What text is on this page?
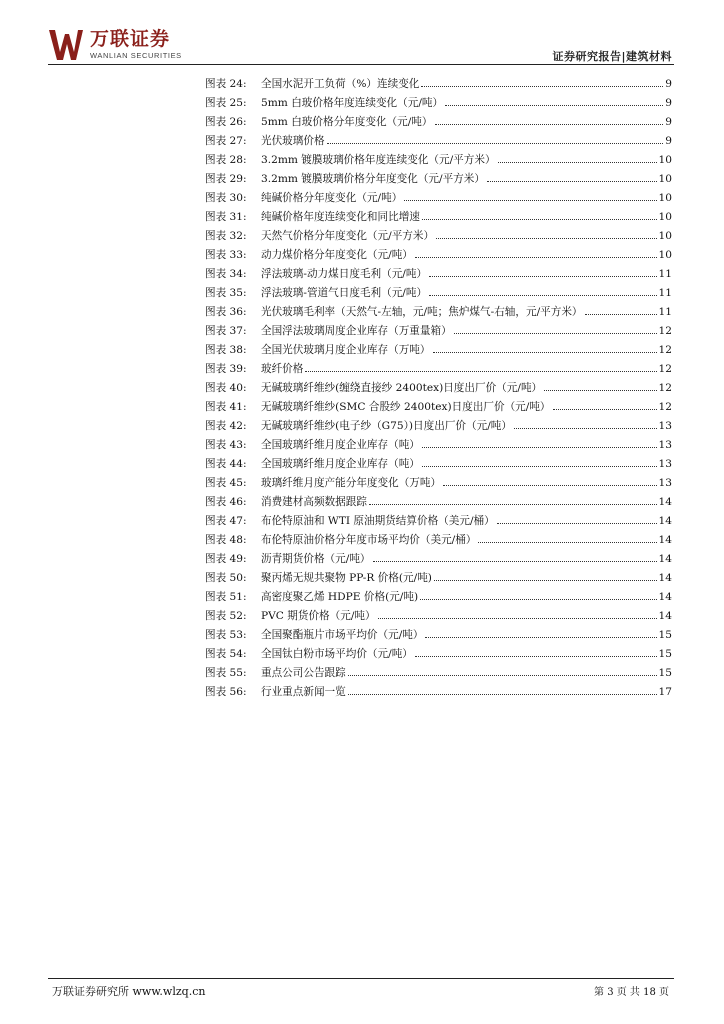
万联证券
WANLIAN SECURITIES	证券研究报告|建筑材料
图表 24:	全国水泥开工负荷（%）连续变化	9
图表 25:	5mm 白玻价格年度连续变化（元/吨）	9
图表 26:	5mm 白玻价格分年度变化（元/吨）	9
图表 27:	光伏玻璃价格	9
图表 28:	3.2mm 镀膜玻璃价格年度连续变化（元/平方米）	10
图表 29:	3.2mm 镀膜玻璃价格分年度变化（元/平方米）	10
图表 30:	纯碱价格分年度变化（元/吨）	10
图表 31:	纯碱价格年度连续变化和同比增速	10
图表 32:	天然气价格分年度变化（元/平方米）	10
图表 33:	动力煤价格分年度变化（元/吨）	10
图表 34:	浮法玻璃-动力煤日度毛利（元/吨）	11
图表 35:	浮法玻璃-管道气日度毛利（元/吨）	11
图表 36:	光伏玻璃毛利率（天然气-左轴，元/吨；焦炉煤气-右轴，元/平方米）	11
图表 37:	全国浮法玻璃周度企业库存（万重量箱）	12
图表 38:	全国光伏玻璃月度企业库存（万吨）	12
图表 39:	玻纤价格	12
图表 40:	无碱玻璃纤维纱(缠绕直接纱 2400tex)日度出厂价（元/吨）	12
图表 41:	无碱玻璃纤维纱(SMC 合股纱 2400tex)日度出厂价（元/吨）	12
图表 42:	无碱玻璃纤维纱(电子纱（G75）)日度出厂价（元/吨）	13
图表 43:	全国玻璃纤维月度企业库存（吨）	13
图表 44:	全国玻璃纤维月度企业库存（吨）	13
图表 45:	玻璃纤维月度产能分年度变化（万吨）	13
图表 46:	消费建材高频数据跟踪	14
图表 47:	布伦特原油和 WTI 原油期货结算价格（美元/桶）	14
图表 48:	布伦特原油价格分年度市场平均价（美元/桶）	14
图表 49:	沥青期货价格（元/吨）	14
图表 50:	聚丙烯无规共聚物 PP-R 价格(元/吨)	14
图表 51:	高密度聚乙烯 HDPE 价格(元/吨)	14
图表 52:	PVC 期货价格（元/吨）	14
图表 53:	全国聚酯瓶片市场平均价（元/吨）	15
图表 54:	全国钛白粉市场平均价（元/吨）	15
图表 55:	重点公司公告跟踪	15
图表 56:	行业重点新闻一览	17
万联证券研究所 www.wlzq.cn	第 3 页 共 18 页
